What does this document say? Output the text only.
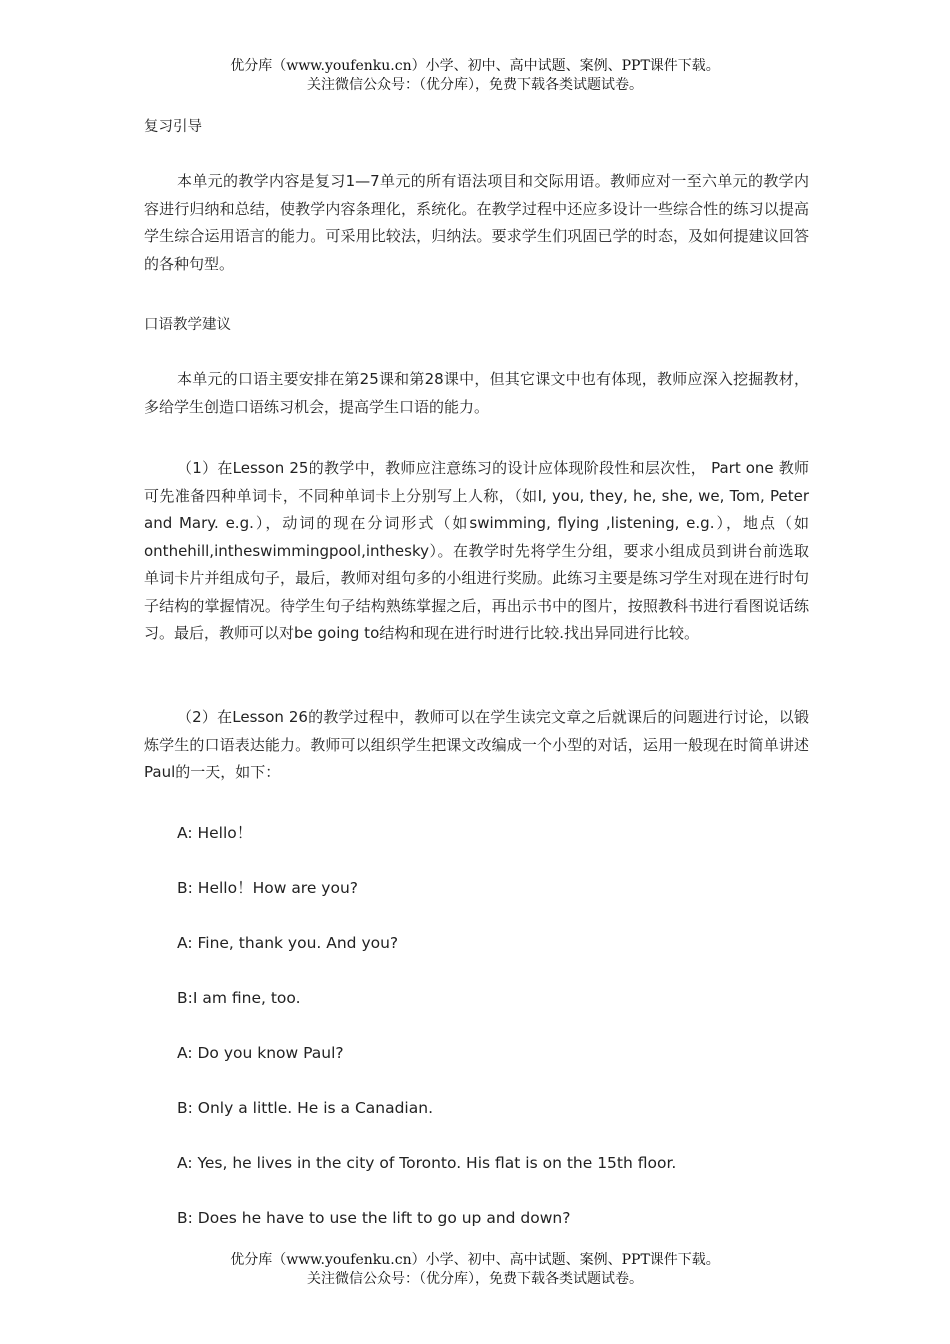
优分库（www.youfenku.cn）小学、初中、高中试题、案例、PPT课件下载。
关注微信公众号：（优分库），免费下载各类试题试卷。
复习引导

本单元的教学内容是复习1—7单元的所有语法项目和交际用语。教师应对一至六单元的教学内容进行归纳和总结，使教学内容条理化，系统化。在教学过程中还应多设计一些综合性的练习以提高学生综合运用语言的能力。可采用比较法，归纳法。要求学生们巩固已学的时态，及如何提建议回答的各种句型。

口语教学建议

本单元的口语主要安排在第25课和第28课中，但其它课文中也有体现，教师应深入挖掘教材，多给学生创造口语练习机会，提高学生口语的能力。

（1）在Lesson 25的教学中，教师应注意练习的设计应体现阶段性和层次性， Part one 教师可先准备四种单词卡，不同种单词卡上分别写上人称，（如I, you, they, he, she, we, Tom, Peter and Mary. e.g.），动词的现在分词形式（如swimming, flying ,listening, e.g.），地点（如onthehill,intheswimmingpool,inthesky）。在教学时先将学生分组，要求小组成员到讲台前选取单词卡片并组成句子，最后，教师对组句多的小组进行奖励。此练习主要是练习学生对现在进行时句子结构的掌握情况。待学生句子结构熟练掌握之后，再出示书中的图片，按照教科书进行看图说话练习。最后，教师可以对be going to结构和现在进行时进行比较.找出异同进行比较。

（2）在Lesson 26的教学过程中，教师可以在学生读完文章之后就课后的问题进行讨论，以锻炼学生的口语表达能力。教师可以组织学生把课文改编成一个小型的对话，运用一般现在时简单讲述Paul的一天，如下：

A: Hello！
B: Hello！How are you?
A: Fine, thank you. And you?
B:I am fine, too.
A: Do you know Paul?
B: Only a little. He is a Canadian.
A: Yes, he lives in the city of Toronto. His flat is on the 15th floor.
B: Does he have to use the lift to go up and down?
优分库（www.youfenku.cn）小学、初中、高中试题、案例、PPT课件下载。
关注微信公众号：（优分库），免费下载各类试题试卷。
